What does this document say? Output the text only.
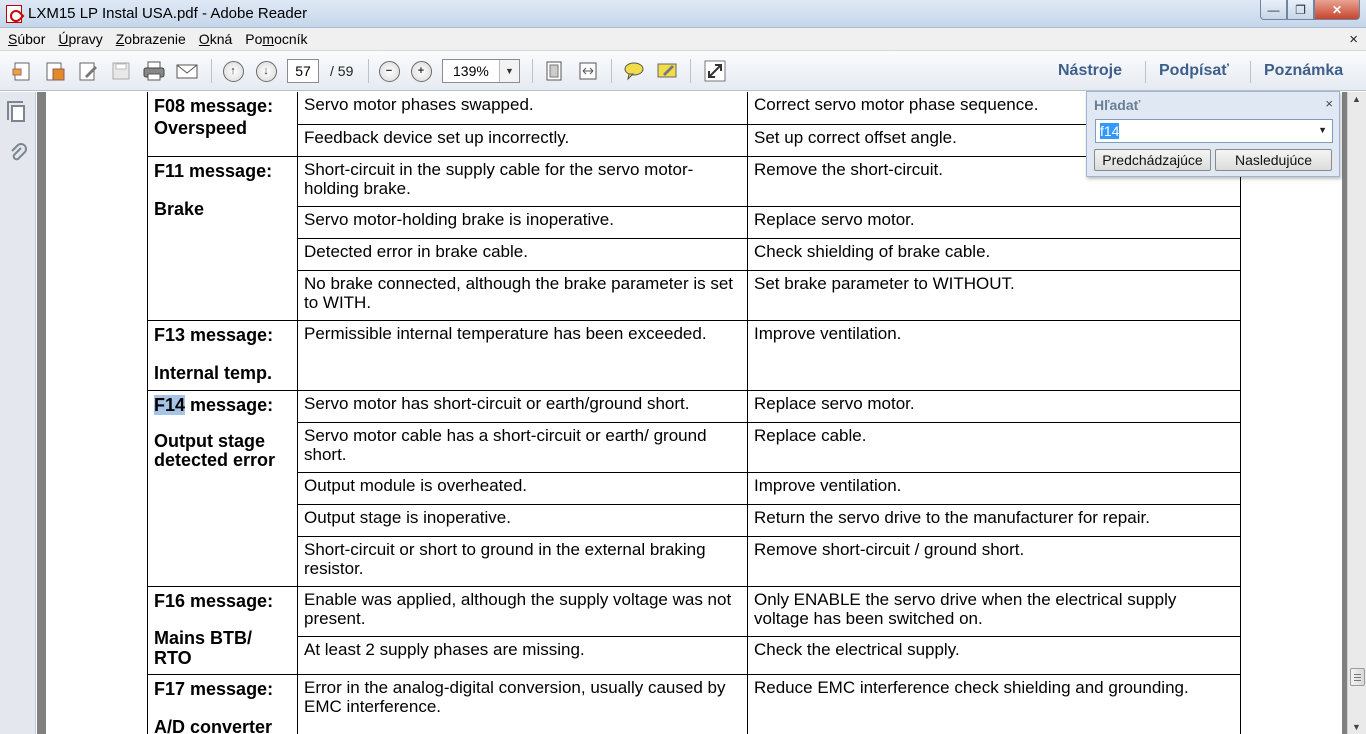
LXM15 LP Instal USA.pdf - Adobe Reader	—	❐	✕
Súbor Úpravy Zobrazenie Okná Pomocník	×
↑	↓	57	/ 59	−	+	139%	▼	Nástroje Podpísať Poznámka
F08 message:
Overspeed	Servo motor phases swapped.	Correct servo motor phase sequence.
	Feedback device set up incorrectly.	Set up correct offset angle.

F11 message:
Brake	Short-circuit in the supply cable for the servo motor-holding brake.	Remove the short-circuit.
	Servo motor-holding brake is inoperative.	Replace servo motor.
	Detected error in brake cable.	Check shielding of brake cable.
	No brake connected, although the brake parameter is set to WITH.	Set brake parameter to WITHOUT.

F13 message:
Internal temp.	Permissible internal temperature has been exceeded.	Improve ventilation.

F14 message:
Output stage detected error	Servo motor has short-circuit or earth/ground short.	Replace servo motor.
	Servo motor cable has a short-circuit or earth/ ground short.	Replace cable.
	Output module is overheated.	Improve ventilation.
	Output stage is inoperative.	Return the servo drive to the manufacturer for repair.
	Short-circuit or short to ground in the external braking resistor.	Remove short-circuit / ground short.

F16 message:
Mains BTB/ RTO	Enable was applied, although the supply voltage was not present.	Only ENABLE the servo drive when the electrical supply voltage has been switched on.
	At least 2 supply phases are missing.	Check the electrical supply.

F17 message:
A/D converter	Error in the analog-digital conversion, usually caused by EMC interference.	Reduce EMC interference check shielding and grounding.
▲
▼
Hľadať	×
f14	▼
Predchádzajúce	Nasledujúce
